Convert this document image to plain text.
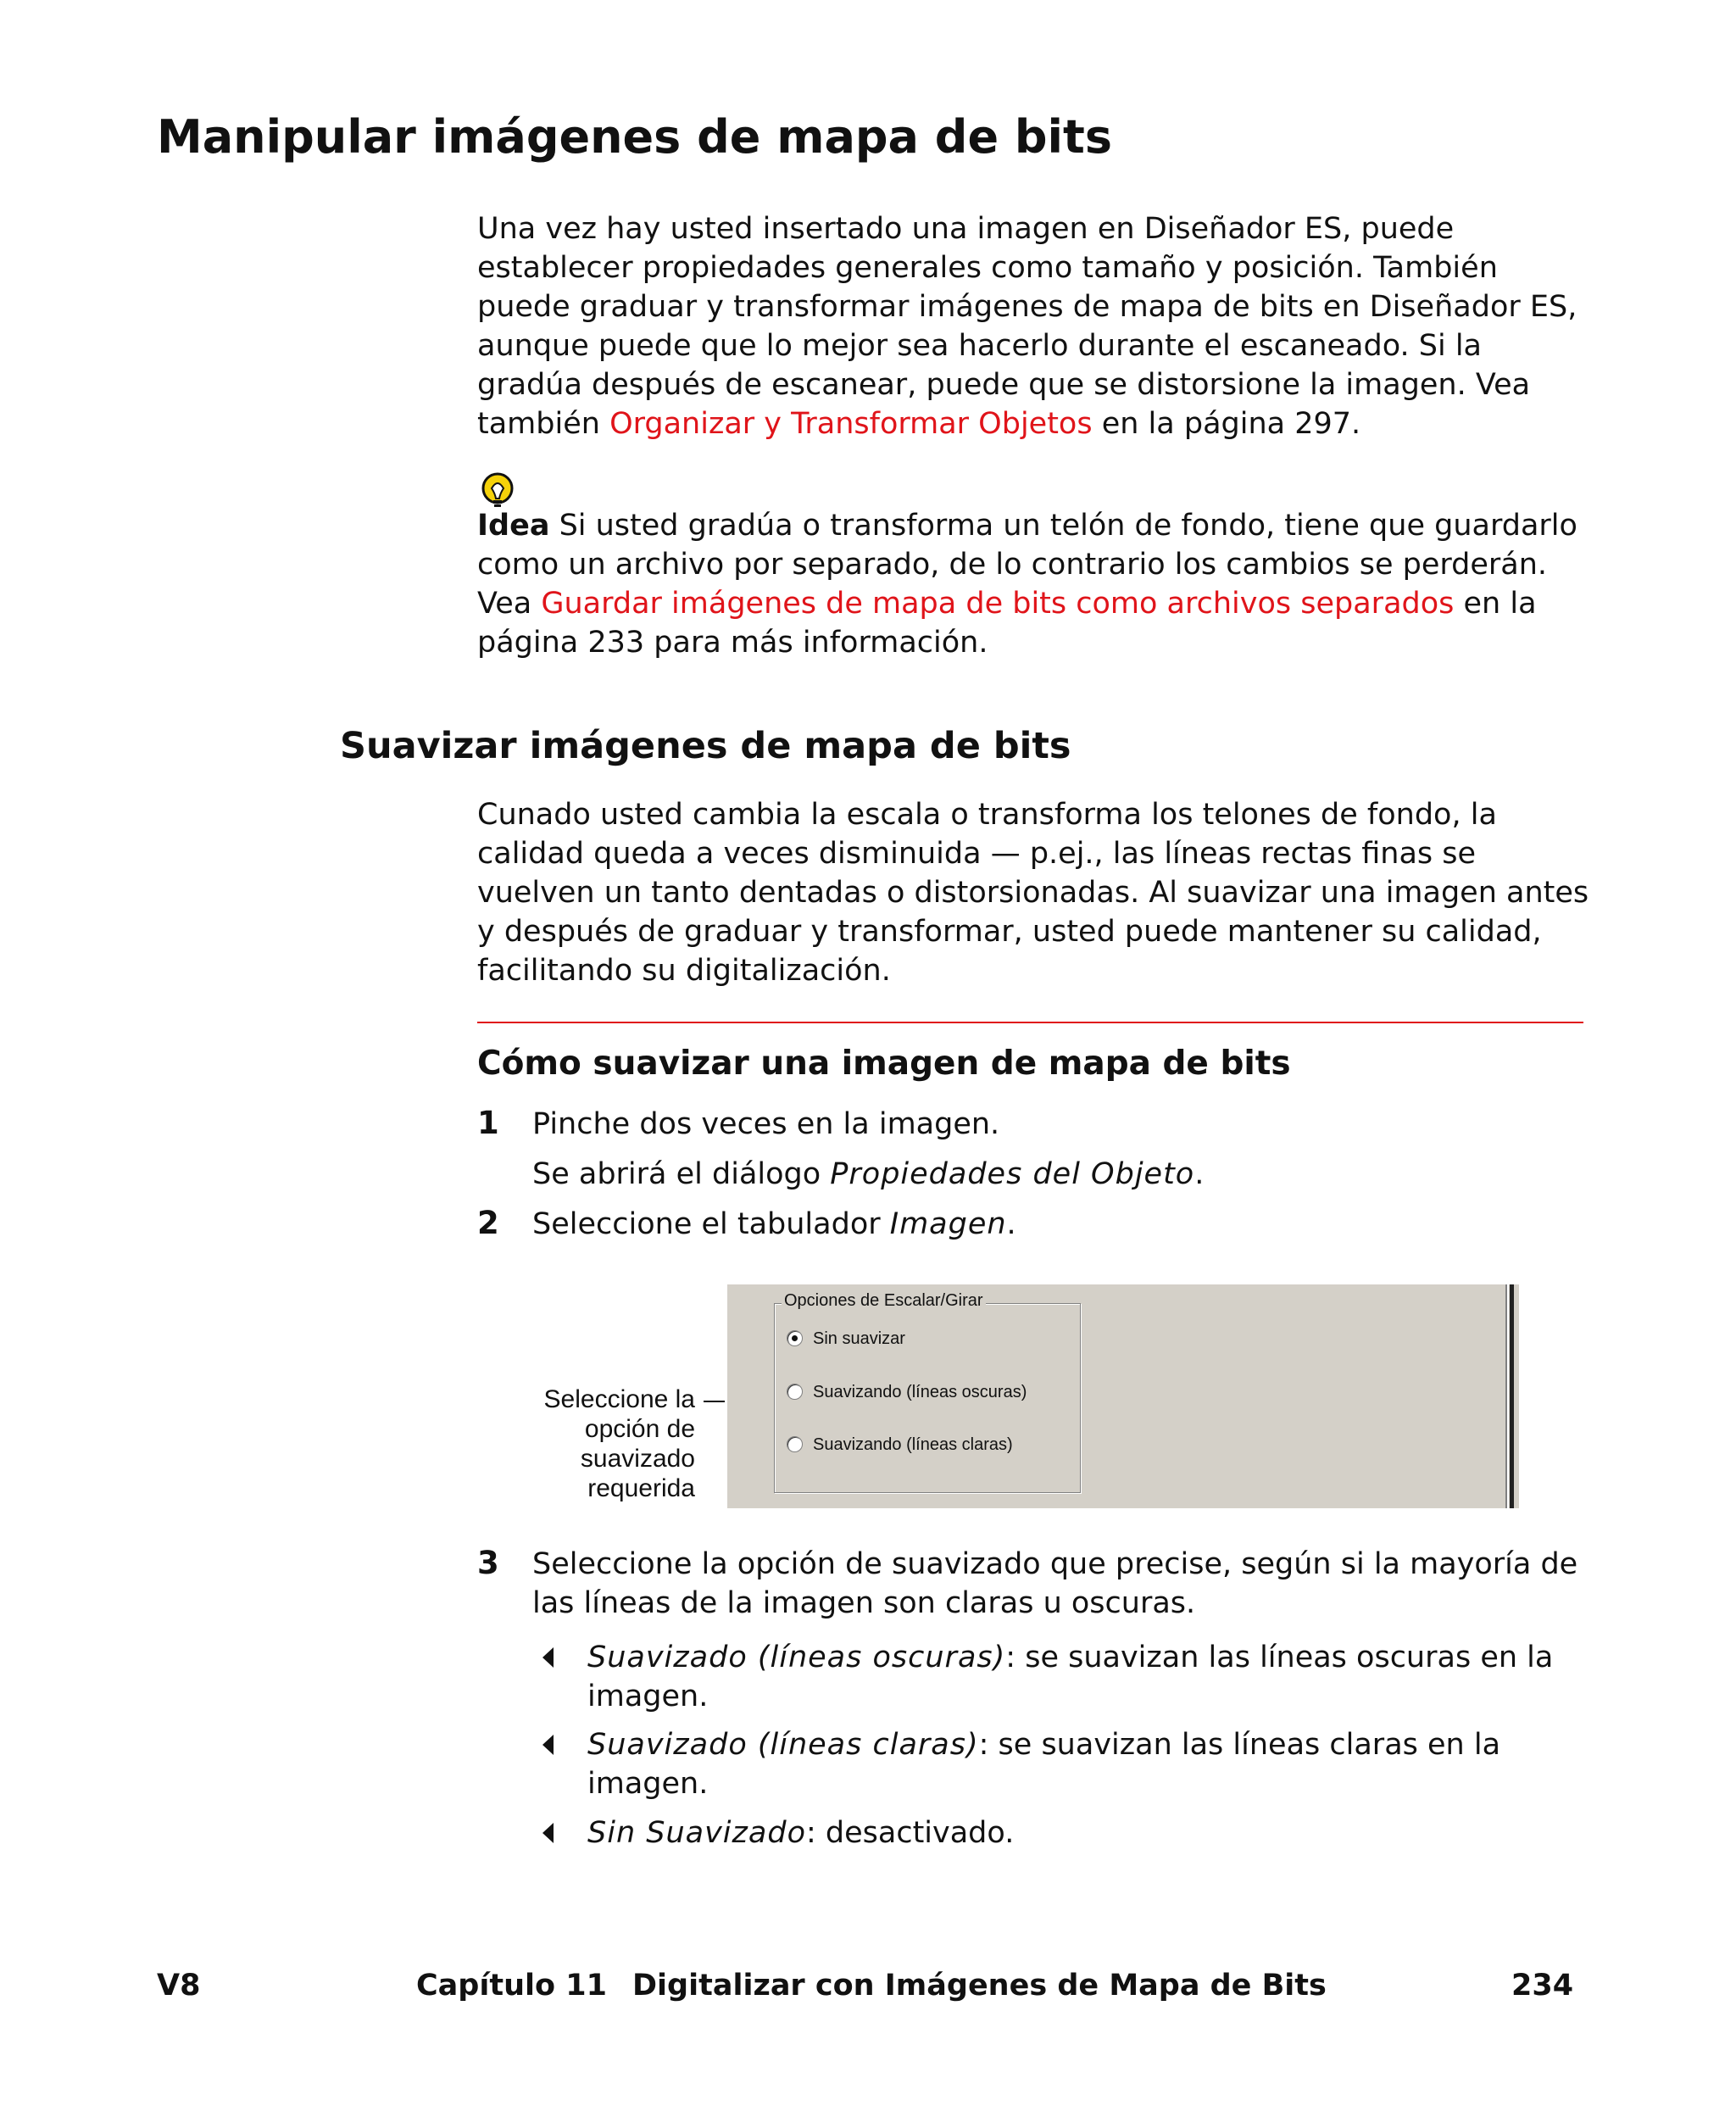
Manipular imágenes de mapa de bits
Una vez hay usted insertado una imagen en Diseñador ES, puede establecer propiedades generales como tamaño y posición. También puede graduar y transformar imágenes de mapa de bits en Diseñador ES, aunque puede que lo mejor sea hacerlo durante el escaneado. Si la gradúa después de escanear, puede que se distorsione la imagen. Vea también Organizar y Transformar Objetos en la página 297.
Idea Si usted gradúa o transforma un telón de fondo, tiene que guardarlo como un archivo por separado, de lo contrario los cambios se perderán. Vea Guardar imágenes de mapa de bits como archivos separados en la página 233 para más información.
Suavizar imágenes de mapa de bits
Cunado usted cambia la escala o transforma los telones de fondo, la calidad queda a veces disminuida — p.ej., las líneas rectas finas se vuelven un tanto dentadas o distorsionadas. Al suavizar una imagen antes y después de graduar y transformar, usted puede mantener su calidad, facilitando su digitalización.
Cómo suavizar una imagen de mapa de bits
1 Pinche dos veces en la imagen.
Se abrirá el diálogo Propiedades del Objeto.
2 Seleccione el tabulador Imagen.
Seleccione la opción de suavizado requerida
Opciones de Escalar/Girar
Sin suavizar
Suavizando (líneas oscuras)
Suavizando (líneas claras)
3 Seleccione la opción de suavizado que precise, según si la mayoría de las líneas de la imagen son claras u oscuras.
Suavizado (líneas oscuras): se suavizan las líneas oscuras en la imagen.
Suavizado (líneas claras): se suavizan las líneas claras en la imagen.
Sin Suavizado: desactivado.
V8	Capítulo 11 Digitalizar con Imágenes de Mapa de Bits	234
